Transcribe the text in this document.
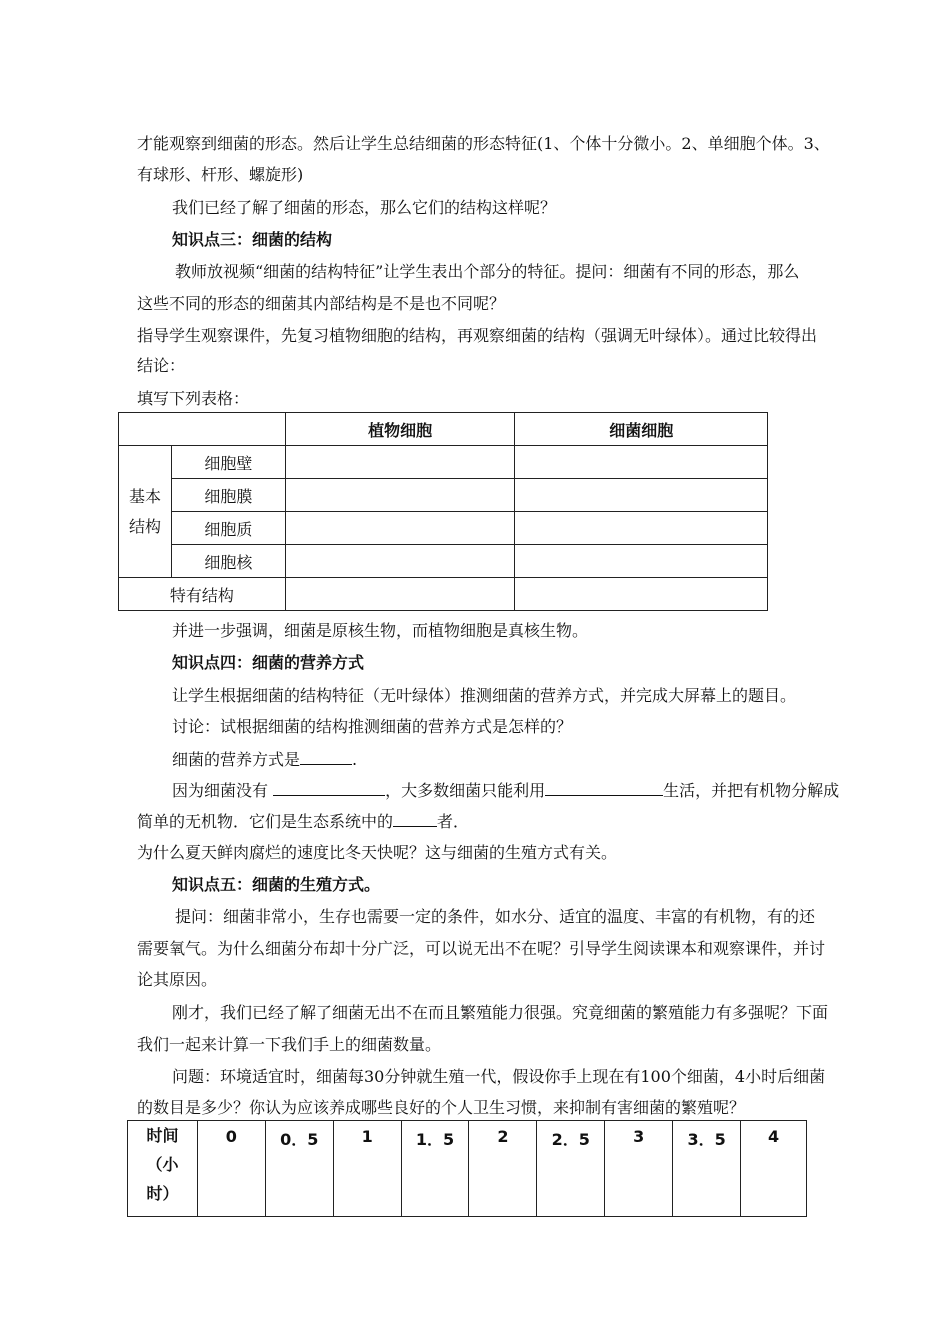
才能观察到细菌的形态。然后让学生总结细菌的形态特征(1、个体十分微小。2、单细胞个体。3、
有球形、杆形、螺旋形)
我们已经了解了细菌的形态，那么它们的结构这样呢？
知识点三：细菌的结构
教师放视频“细菌的结构特征”让学生表出个部分的特征。提问：细菌有不同的形态，那么
这些不同的形态的细菌其内部结构是不是也不同呢？
指导学生观察课件，先复习植物细胞的结构，再观察细菌的结构（强调无叶绿体）。通过比较得出
结论：
填写下列表格：
		植物细胞	细菌细胞
基本
结构	细胞壁		
	细胞膜		
	细胞质		
	细胞核		
特有结构			
并进一步强调，细菌是原核生物，而植物细胞是真核生物。
知识点四：细菌的营养方式
让学生根据细菌的结构特征（无叶绿体）推测细菌的营养方式，并完成大屏幕上的题目。
讨论：试根据细菌的结构推测细菌的营养方式是怎样的？
细菌的营养方式是	.
因为细菌没有	，大多数细菌只能利用	生活，并把有机物分解成
简单的无机物．它们是生态系统中的	者．
为什么夏天鲜肉腐烂的速度比冬天快呢？这与细菌的生殖方式有关。
知识点五：细菌的生殖方式。
提问：细菌非常小，生存也需要一定的条件，如水分、适宜的温度、丰富的有机物，有的还
需要氧气。为什么细菌分布却十分广泛，可以说无出不在呢？引导学生阅读课本和观察课件，并讨
论其原因。
刚才，我们已经了解了细菌无出不在而且繁殖能力很强。究竟细菌的繁殖能力有多强呢？下面
我们一起来计算一下我们手上的细菌数量。
问题：环境适宜时，细菌每30分钟就生殖一代，假设你手上现在有100个细菌，4小时后细菌
的数目是多少？你认为应该养成哪些良好的个人卫生习惯，来抑制有害细菌的繁殖呢？
时间
（小
时）	0	0．5	1	1．5	2	2．5	3	3．5	4
